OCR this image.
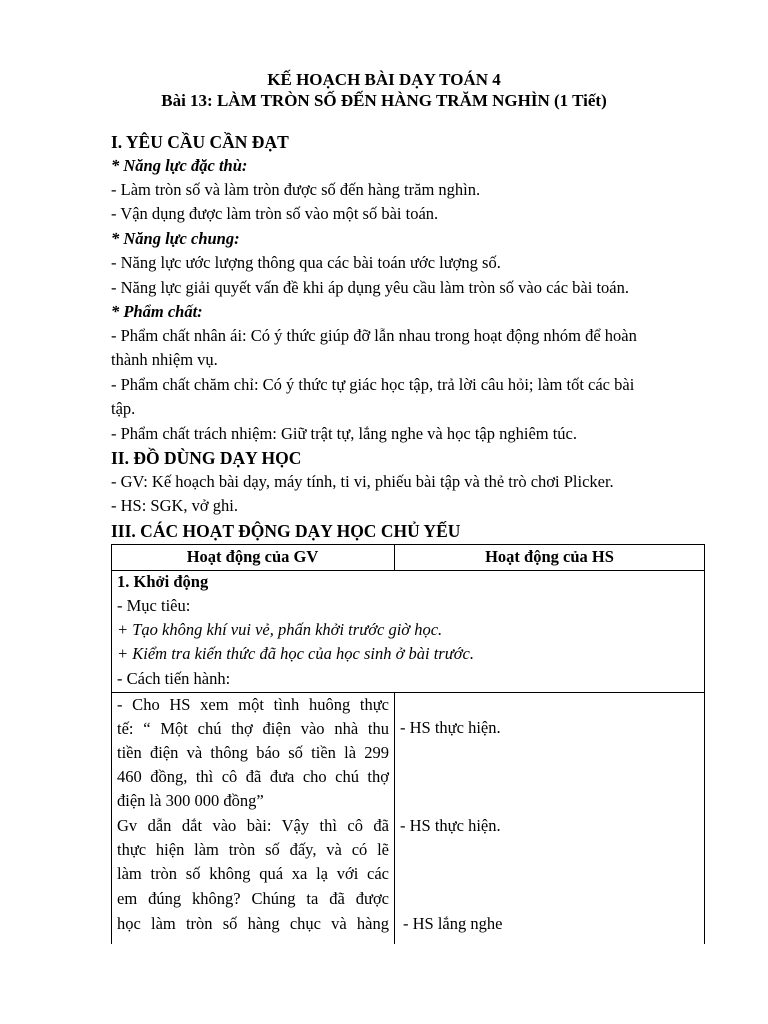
KẾ HOẠCH BÀI DẠY TOÁN 4
Bài 13: LÀM TRÒN SỐ ĐẾN HÀNG TRĂM NGHÌN (1 Tiết)
I. YÊU CẦU CẦN ĐẠT
* Năng lực đặc thù:
- Làm tròn số và làm tròn được số đến hàng trăm nghìn.
- Vận dụng được làm tròn số vào một số bài toán.
* Năng lực chung:
- Năng lực ước lượng thông qua các bài toán ước lượng số.
- Năng lực giải quyết vấn đề khi áp dụng yêu cầu làm tròn số vào các bài toán.
* Phẩm chất:
- Phẩm chất nhân ái: Có ý thức giúp đỡ lẫn nhau trong hoạt động nhóm để hoàn
thành nhiệm vụ.
- Phẩm chất chăm chỉ: Có ý thức tự giác học tập, trả lời câu hỏi; làm tốt các bài
tập.
- Phẩm chất trách nhiệm: Giữ trật tự, lắng nghe và học tập nghiêm túc.
II. ĐỒ DÙNG DẠY HỌC
- GV: Kế hoạch bài dạy, máy tính, ti vi, phiếu bài tập và thẻ trò chơi Plicker.
- HS: SGK, vở ghi.
III. CÁC HOẠT ĐỘNG DẠY HỌC CHỦ YẾU
Hoạt động của GV	Hoạt động của HS
1. Khởi động
- Mục tiêu:
+ Tạo không khí vui vẻ, phấn khởi trước giờ học.
+ Kiểm tra kiến thức đã học của học sinh ở bài trước.
- Cách tiến hành:
- Cho HS xem một tình huông thực
tế: “ Một chú thợ điện vào nhà thu
tiền điện và thông báo số tiền là 299
460 đồng, thì cô đã đưa cho chú thợ
điện là 300 000 đồng”
Gv dẫn dắt vào bài: Vậy thì cô đã
thực hiện làm tròn số đấy, và có lẽ
làm tròn số không quá xa lạ với các
em đúng không? Chúng ta đã được
học làm tròn số hàng chục và hàng
- HS thực hiện.
- HS thực hiện.
- HS lắng nghe
